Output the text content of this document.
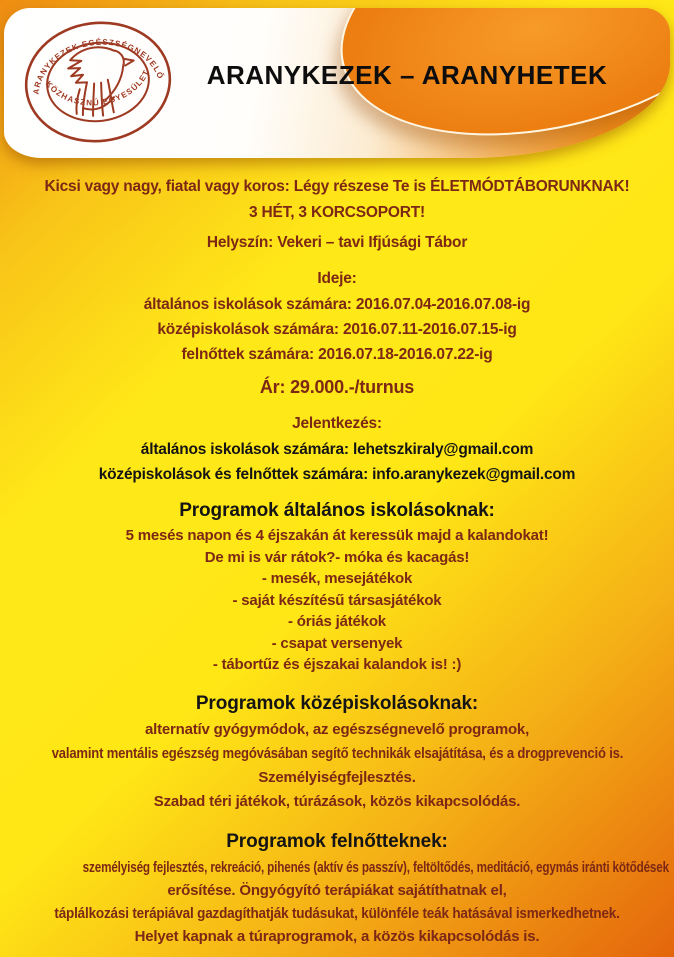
ARANYKEZEK EGÉSZSÉGNEVELŐ
KÖZHASZNÚ EGYESÜLET	ARANYKEZEK – ARANYHETEK

Kicsi vagy nagy, fiatal vagy koros: Légy részese Te is ÉLETMÓDTÁBORUNKNAK!

3 HÉT, 3 KORCSOPORT!

Helyszín: Vekeri – tavi Ifjúsági Tábor

Ideje:

általános iskolások számára: 2016.07.04-2016.07.08-ig

középiskolások számára: 2016.07.11-2016.07.15-ig

felnőttek számára: 2016.07.18-2016.07.22-ig

Ár: 29.000.-/turnus

Jelentkezés:

általános iskolások számára: lehetszkiraly@gmail.com

középiskolások és felnőttek számára: info.aranykezek@gmail.com

Programok általános iskolásoknak:

5 mesés napon és 4 éjszakán át keressük majd a kalandokat!

De mi is vár rátok?- móka és kacagás!

- mesék, mesejátékok

- saját készítésű társasjátékok

- óriás játékok

- csapat versenyek

- tábortűz és éjszakai kalandok is! :)

Programok középiskolásoknak:

alternatív gyógymódok, az egészségnevelő programok,

valamint mentális egészség megóvásában segítő technikák elsajátítása, és a drogprevenció is.

Személyiségfejlesztés.

Szabad téri játékok, túrázások, közös kikapcsolódás.

Programok felnőtteknek:

személyiség fejlesztés, rekreáció, pihenés (aktív és passzív), feltöltődés, meditáció, egymás iránti kötődések

erősítése. Öngyógyító terápiákat sajátíthatnak el,

táplálkozási terápiával gazdagíthatják tudásukat, különféle teák hatásával ismerkedhetnek.

Helyet kapnak a túraprogramok, a közös kikapcsolódás is.
